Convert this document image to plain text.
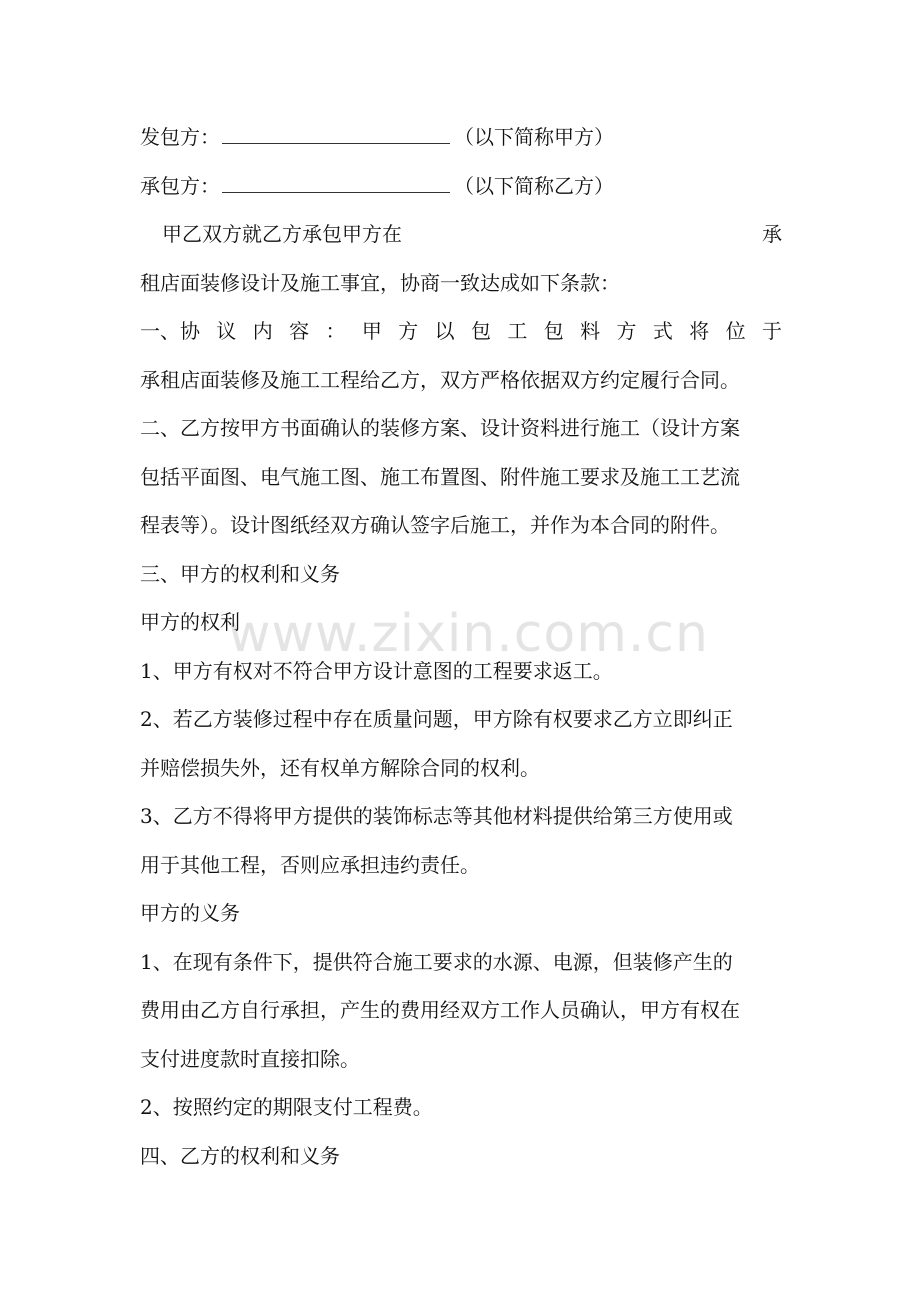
www.zixin.com.cn
发包方：	（以下简称甲方）
承包方：	（以下简称乙方）
甲乙双方就乙方承包甲方在	承
租店面装修设计及施工事宜，协商一致达成如下条款：
一、协 议 内 容 ： 甲 方 以 包 工 包 料 方 式 将 位 于
承租店面装修及施工工程给乙方，双方严格依据双方约定履行合同。
二、乙方按甲方书面确认的装修方案、设计资料进行施工（设计方案
包括平面图、电气施工图、施工布置图、附件施工要求及施工工艺流
程表等）。设计图纸经双方确认签字后施工，并作为本合同的附件。
三、甲方的权利和义务
甲方的权利
1、甲方有权对不符合甲方设计意图的工程要求返工。
2、若乙方装修过程中存在质量问题，甲方除有权要求乙方立即纠正
并赔偿损失外，还有权单方解除合同的权利。
3、乙方不得将甲方提供的装饰标志等其他材料提供给第三方使用或
用于其他工程，否则应承担违约责任。
甲方的义务
1、在现有条件下，提供符合施工要求的水源、电源，但装修产生的
费用由乙方自行承担，产生的费用经双方工作人员确认，甲方有权在
支付进度款时直接扣除。
2、按照约定的期限支付工程费。
四、乙方的权利和义务
